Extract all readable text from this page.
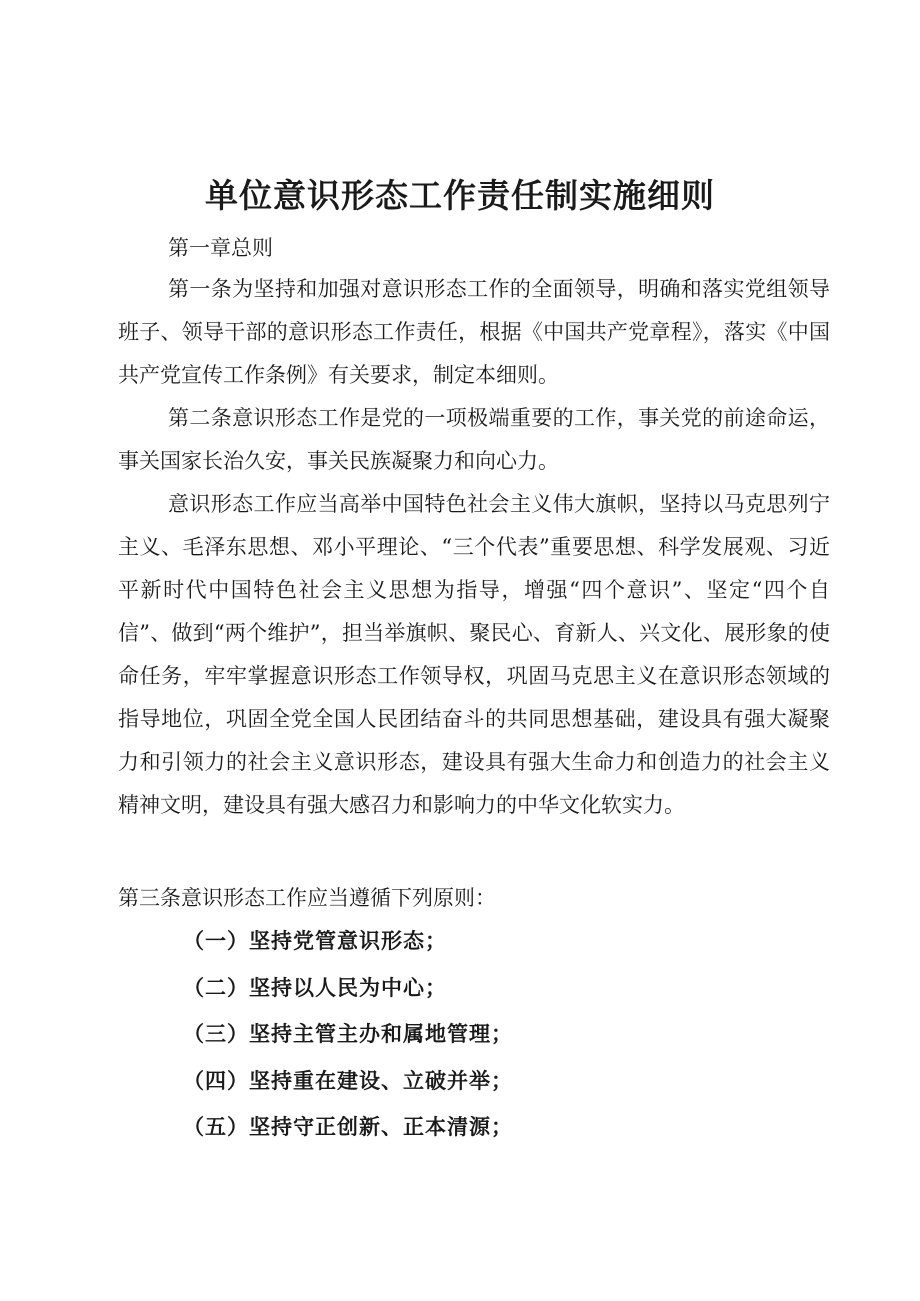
单位意识形态工作责任制实施细则

第一章总则

第一条为坚持和加强对意识形态工作的全面领导，明确和落实党组领导班子、领导干部的意识形态工作责任，根据《中国共产党章程》，落实《中国共产党宣传工作条例》有关要求，制定本细则。

第二条意识形态工作是党的一项极端重要的工作，事关党的前途命运，事关国家长治久安，事关民族凝聚力和向心力。

意识形态工作应当高举中国特色社会主义伟大旗帜，坚持以马克思列宁主义、毛泽东思想、邓小平理论、“三个代表”重要思想、科学发展观、习近平新时代中国特色社会主义思想为指导，增强“四个意识”、坚定“四个自信”、做到“两个维护”，担当举旗帜、聚民心、育新人、兴文化、展形象的使命任务，牢牢掌握意识形态工作领导权，巩固马克思主义在意识形态领域的指导地位，巩固全党全国人民团结奋斗的共同思想基础，建设具有强大凝聚力和引领力的社会主义意识形态，建设具有强大生命力和创造力的社会主义精神文明，建设具有强大感召力和影响力的中华文化软实力。

第三条意识形态工作应当遵循下列原则：

（一）坚持党管意识形态；
（二）坚持以人民为中心；
（三）坚持主管主办和属地管理；
（四）坚持重在建设、立破并举；
（五）坚持守正创新、正本清源；
